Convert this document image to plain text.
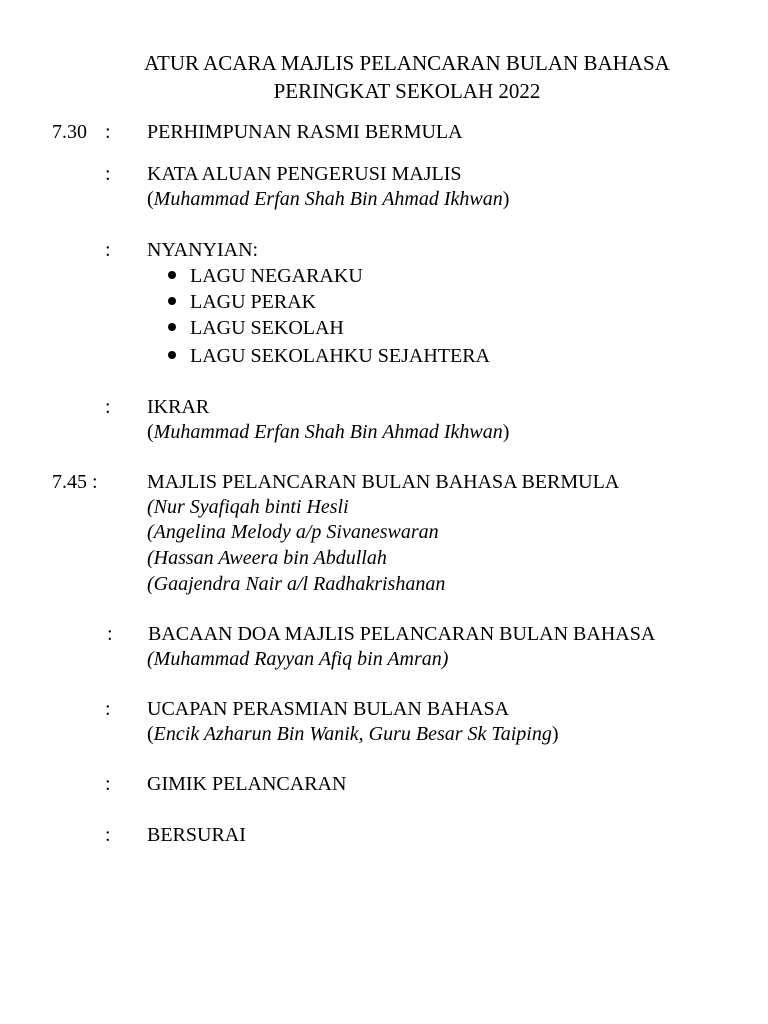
ATUR ACARA MAJLIS PELANCARAN BULAN BAHASA
PERINGKAT SEKOLAH 2022
7.30 : PERHIMPUNAN RASMI BERMULA
: KATA ALUAN PENGERUSI MAJLIS
(Muhammad Erfan Shah Bin Ahmad Ikhwan)
: NYANYIAN:
LAGU NEGARAKU
LAGU PERAK
LAGU SEKOLAH
LAGU SEKOLAHKU SEJAHTERA
: IKRAR
(Muhammad Erfan Shah Bin Ahmad Ikhwan)
7.45 : MAJLIS PELANCARAN BULAN BAHASA BERMULA
(Nur Syafiqah binti Hesli
(Angelina Melody a/p Sivaneswaran
(Hassan Aweera bin Abdullah
(Gaajendra Nair a/l Radhakrishanan
: BACAAN DOA MAJLIS PELANCARAN BULAN BAHASA
(Muhammad Rayyan Afiq bin Amran)
: UCAPAN PERASMIAN BULAN BAHASA
(Encik Azharun Bin Wanik, Guru Besar Sk Taiping)
: GIMIK PELANCARAN
: BERSURAI
